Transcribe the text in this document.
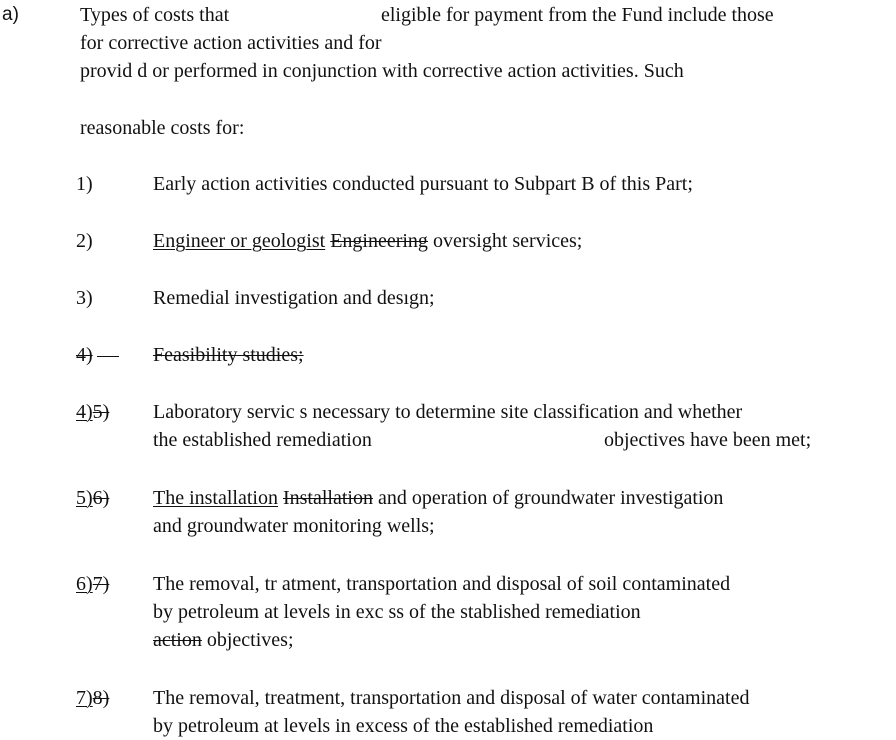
a)	Types of costs that	eligible for payment from the Fund include those
for corrective action activities and for
provid d or performed in conjunction with corrective action activities. Such
reasonable costs for:
1)	Early action activities conducted pursuant to Subpart B of this Part;
2)	Engineer or geologist Engineering oversight services;
3)	Remedial investigation and desıgn;
4)	Feasibility studies;
4)5) Laboratory servic s necessary to determine site classification and whether
the established remediation	objectives have been met;
5)6) The installation Installation and operation of groundwater investigation
and groundwater monitoring wells;
6)7) The removal, tr atment, transportation and disposal of soil contaminated
by petroleum at levels in exc ss of the stablished remediation
action objectives;
7)8) The removal, treatment, transportation and disposal of water contaminated
by petroleum at levels in excess of the established remediation
